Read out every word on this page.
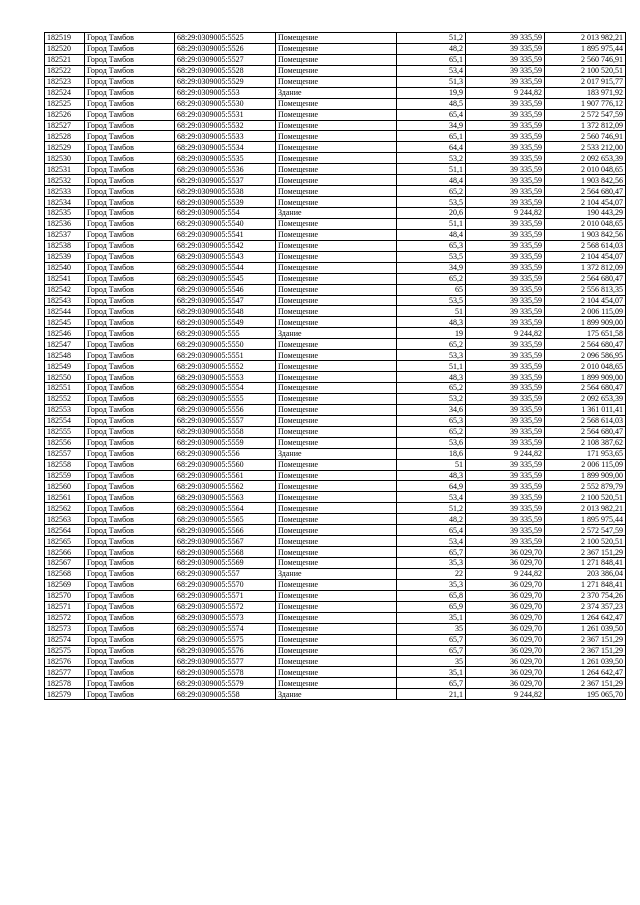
182519	Город Тамбов	68:29:0309005:5525	Помещение	51,2	39 335,59	2 013 982,21
182520	Город Тамбов	68:29:0309005:5526	Помещение	48,2	39 335,59	1 895 975,44
182521	Город Тамбов	68:29:0309005:5527	Помещение	65,1	39 335,59	2 560 746,91
182522	Город Тамбов	68:29:0309005:5528	Помещение	53,4	39 335,59	2 100 520,51
182523	Город Тамбов	68:29:0309005:5529	Помещение	51,3	39 335,59	2 017 915,77
182524	Город Тамбов	68:29:0309005:553	Здание	19,9	9 244,82	183 971,92
182525	Город Тамбов	68:29:0309005:5530	Помещение	48,5	39 335,59	1 907 776,12
182526	Город Тамбов	68:29:0309005:5531	Помещение	65,4	39 335,59	2 572 547,59
182527	Город Тамбов	68:29:0309005:5532	Помещение	34,9	39 335,59	1 372 812,09
182528	Город Тамбов	68:29:0309005:5533	Помещение	65,1	39 335,59	2 560 746,91
182529	Город Тамбов	68:29:0309005:5534	Помещение	64,4	39 335,59	2 533 212,00
182530	Город Тамбов	68:29:0309005:5535	Помещение	53,2	39 335,59	2 092 653,39
182531	Город Тамбов	68:29:0309005:5536	Помещение	51,1	39 335,59	2 010 048,65
182532	Город Тамбов	68:29:0309005:5537	Помещение	48,4	39 335,59	1 903 842,56
182533	Город Тамбов	68:29:0309005:5538	Помещение	65,2	39 335,59	2 564 680,47
182534	Город Тамбов	68:29:0309005:5539	Помещение	53,5	39 335,59	2 104 454,07
182535	Город Тамбов	68:29:0309005:554	Здание	20,6	9 244,82	190 443,29
182536	Город Тамбов	68:29:0309005:5540	Помещение	51,1	39 335,59	2 010 048,65
182537	Город Тамбов	68:29:0309005:5541	Помещение	48,4	39 335,59	1 903 842,56
182538	Город Тамбов	68:29:0309005:5542	Помещение	65,3	39 335,59	2 568 614,03
182539	Город Тамбов	68:29:0309005:5543	Помещение	53,5	39 335,59	2 104 454,07
182540	Город Тамбов	68:29:0309005:5544	Помещение	34,9	39 335,59	1 372 812,09
182541	Город Тамбов	68:29:0309005:5545	Помещение	65,2	39 335,59	2 564 680,47
182542	Город Тамбов	68:29:0309005:5546	Помещение	65	39 335,59	2 556 813,35
182543	Город Тамбов	68:29:0309005:5547	Помещение	53,5	39 335,59	2 104 454,07
182544	Город Тамбов	68:29:0309005:5548	Помещение	51	39 335,59	2 006 115,09
182545	Город Тамбов	68:29:0309005:5549	Помещение	48,3	39 335,59	1 899 909,00
182546	Город Тамбов	68:29:0309005:555	Здание	19	9 244,82	175 651,58
182547	Город Тамбов	68:29:0309005:5550	Помещение	65,2	39 335,59	2 564 680,47
182548	Город Тамбов	68:29:0309005:5551	Помещение	53,3	39 335,59	2 096 586,95
182549	Город Тамбов	68:29:0309005:5552	Помещение	51,1	39 335,59	2 010 048,65
182550	Город Тамбов	68:29:0309005:5553	Помещение	48,3	39 335,59	1 899 909,00
182551	Город Тамбов	68:29:0309005:5554	Помещение	65,2	39 335,59	2 564 680,47
182552	Город Тамбов	68:29:0309005:5555	Помещение	53,2	39 335,59	2 092 653,39
182553	Город Тамбов	68:29:0309005:5556	Помещение	34,6	39 335,59	1 361 011,41
182554	Город Тамбов	68:29:0309005:5557	Помещение	65,3	39 335,59	2 568 614,03
182555	Город Тамбов	68:29:0309005:5558	Помещение	65,2	39 335,59	2 564 680,47
182556	Город Тамбов	68:29:0309005:5559	Помещение	53,6	39 335,59	2 108 387,62
182557	Город Тамбов	68:29:0309005:556	Здание	18,6	9 244,82	171 953,65
182558	Город Тамбов	68:29:0309005:5560	Помещение	51	39 335,59	2 006 115,09
182559	Город Тамбов	68:29:0309005:5561	Помещение	48,3	39 335,59	1 899 909,00
182560	Город Тамбов	68:29:0309005:5562	Помещение	64,9	39 335,59	2 552 879,79
182561	Город Тамбов	68:29:0309005:5563	Помещение	53,4	39 335,59	2 100 520,51
182562	Город Тамбов	68:29:0309005:5564	Помещение	51,2	39 335,59	2 013 982,21
182563	Город Тамбов	68:29:0309005:5565	Помещение	48,2	39 335,59	1 895 975,44
182564	Город Тамбов	68:29:0309005:5566	Помещение	65,4	39 335,59	2 572 547,59
182565	Город Тамбов	68:29:0309005:5567	Помещение	53,4	39 335,59	2 100 520,51
182566	Город Тамбов	68:29:0309005:5568	Помещение	65,7	36 029,70	2 367 151,29
182567	Город Тамбов	68:29:0309005:5569	Помещение	35,3	36 029,70	1 271 848,41
182568	Город Тамбов	68:29:0309005:557	Здание	22	9 244,82	203 386,04
182569	Город Тамбов	68:29:0309005:5570	Помещение	35,3	36 029,70	1 271 848,41
182570	Город Тамбов	68:29:0309005:5571	Помещение	65,8	36 029,70	2 370 754,26
182571	Город Тамбов	68:29:0309005:5572	Помещение	65,9	36 029,70	2 374 357,23
182572	Город Тамбов	68:29:0309005:5573	Помещение	35,1	36 029,70	1 264 642,47
182573	Город Тамбов	68:29:0309005:5574	Помещение	35	36 029,70	1 261 039,50
182574	Город Тамбов	68:29:0309005:5575	Помещение	65,7	36 029,70	2 367 151,29
182575	Город Тамбов	68:29:0309005:5576	Помещение	65,7	36 029,70	2 367 151,29
182576	Город Тамбов	68:29:0309005:5577	Помещение	35	36 029,70	1 261 039,50
182577	Город Тамбов	68:29:0309005:5578	Помещение	35,1	36 029,70	1 264 642,47
182578	Город Тамбов	68:29:0309005:5579	Помещение	65,7	36 029,70	2 367 151,29
182579	Город Тамбов	68:29:0309005:558	Здание	21,1	9 244,82	195 065,70
